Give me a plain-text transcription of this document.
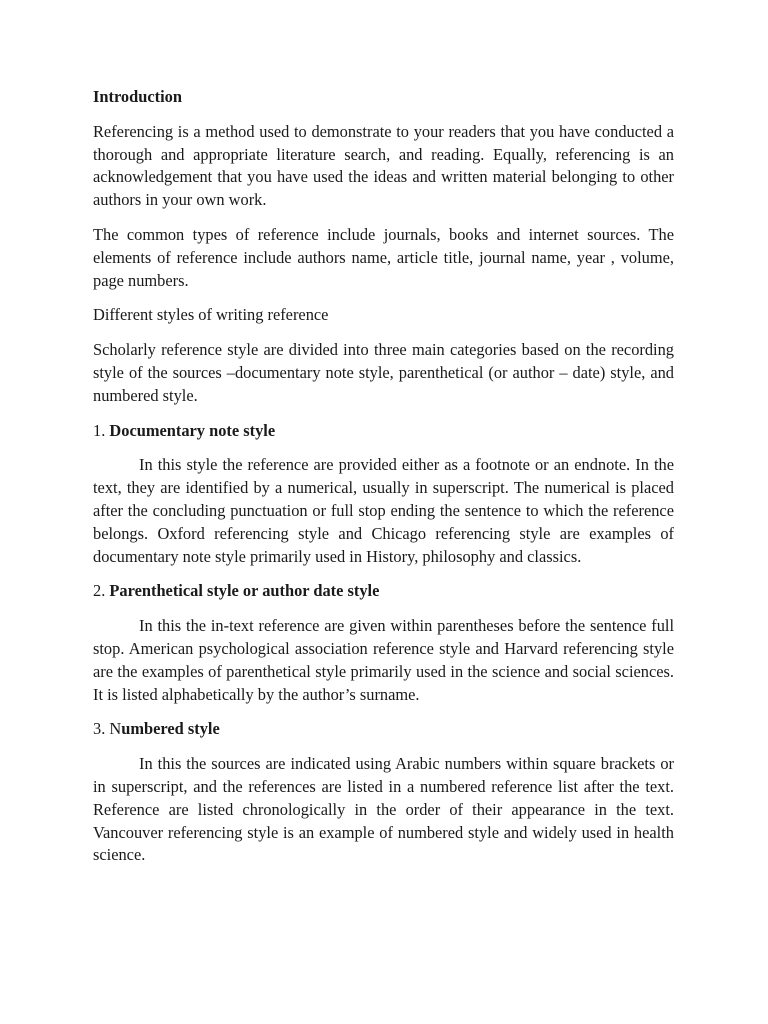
Introduction

Referencing is a method used to demonstrate to your readers that you have conducted a thorough and appropriate literature search, and reading. Equally, referencing is an acknowledgement that you have used the ideas and written material belonging to other authors in your own work.

The common types of reference include journals, books and internet sources. The elements of reference include authors name, article title, journal name, year , volume, page numbers.

Different styles of writing reference

Scholarly reference style are divided into three main categories based on the recording style of the sources –documentary note style, parenthetical (or author – date) style, and numbered style.

1. Documentary note style

In this style the reference are provided either as a footnote or an endnote. In the text, they are identified by a numerical, usually in superscript. The numerical is placed after the concluding punctuation or full stop ending the sentence to which the reference belongs. Oxford referencing style and Chicago referencing style are examples of documentary note style primarily used in History, philosophy and classics.

2. Parenthetical style or author date style

In this the in-text reference are given within parentheses before the sentence full stop. American psychological association reference style and Harvard referencing style are the examples of parenthetical style primarily used in the science and social sciences. It is listed alphabetically by the author’s surname.

3. Numbered style

In this the sources are indicated using Arabic numbers within square brackets or in superscript, and the references are listed in a numbered reference list after the text. Reference are listed chronologically in the order of their appearance in the text. Vancouver referencing style is an example of numbered style and widely used in health science.
